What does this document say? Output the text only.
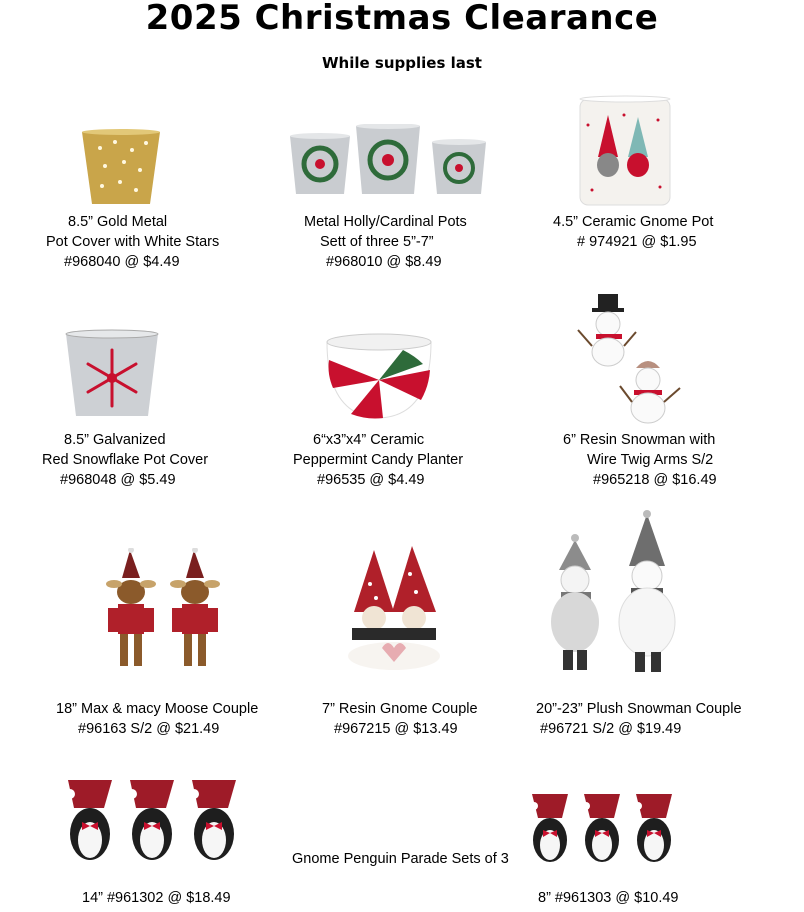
2025 Christmas Clearance
While supplies last
8.5” Gold Metal
Pot Cover with White Stars
#968040 @ $4.49
Metal Holly/Cardinal Pots
Sett of three 5”-7”
#968010 @ $8.49
4.5” Ceramic Gnome Pot
# 974921 @ $1.95
8.5” Galvanized
Red Snowflake Pot Cover
#968048 @ $5.49
6“x3”x4” Ceramic
Peppermint Candy Planter
#96535 @ $4.49
6” Resin Snowman with
Wire Twig Arms S/2
#965218 @ $16.49
18” Max & macy Moose Couple
#96163 S/2 @ $21.49
7” Resin Gnome Couple
#967215 @ $13.49
20”-23” Plush Snowman Couple
#96721 S/2 @ $19.49
Gnome Penguin Parade Sets of 3
14” #961302 @ $18.49	8” #961303 @ $10.49
